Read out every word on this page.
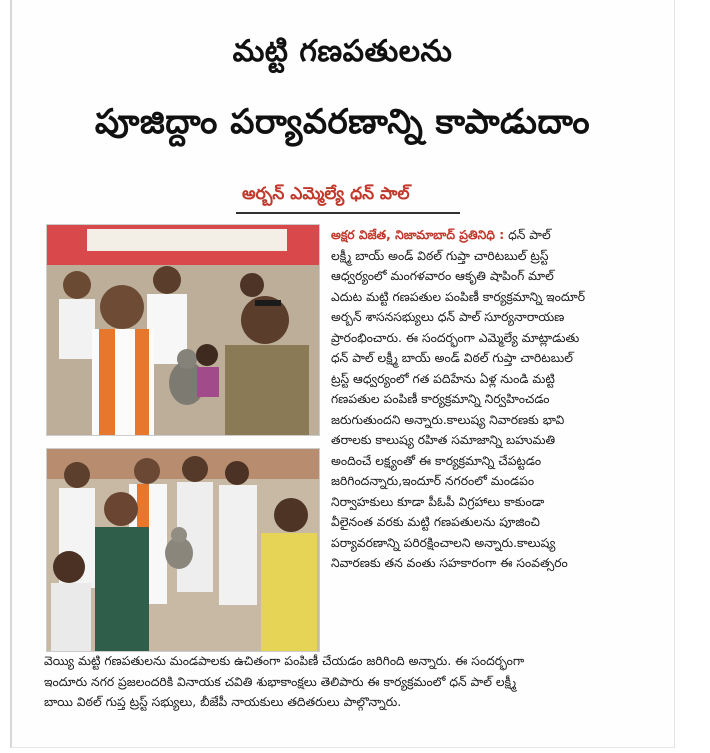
మట్టి గణపతులను
పూజిద్దాం పర్యావరణాన్ని కాపాడుదాం
అర్బన్ ఎమ్మెల్యే ధన్ పాల్
అక్షర విజేత, నిజామాబాద్ ప్రతినిధి : ధన్ పాల్
లక్ష్మీ బాయ్ అండ్ విఠల్ గుప్తా చారిటబుల్ ట్రస్ట్
ఆధ్వర్యంలో మంగళవారం ఆకృతి షాపింగ్ మాల్
ఎదుట మట్టి గణపతుల పంపిణీ కార్యక్రమాన్ని ఇందూర్
అర్బన్ శాసనసభ్యులు ధన్ పాల్ సూర్యనారాయణ
ప్రారంభించారు. ఈ సందర్భంగా ఎమ్మెల్యే మాట్లాడుతు
ధన్ పాల్ లక్ష్మీ బాయ్ అండ్ విఠల్ గుప్తా చారిటబుల్
ట్రస్ట్ ఆధ్వర్యంలో గత పదిహేను ఏళ్ల నుండి మట్టి
గణపతుల పంపిణీ కార్యక్రమాన్ని నిర్వహించడం
జరుగుతుందని అన్నారు.కాలుష్య నివారణకు భావి
తరాలకు కాలుష్య రహిత సమాజాన్ని బహుమతి
అందించే లక్ష్యంతో ఈ కార్యక్రమాన్ని చేపట్టడం
జరిగిందన్నారు,ఇందూర్ నగరంలో మండపం
నిర్వాహకులు కూడా పీఓపీ విగ్రహాలు కాకుండా
వీలైనంత వరకు మట్టి గణపతులను పూజించి
పర్యావరణాన్ని పరిరక్షించాలని అన్నారు.కాలుష్య
నివారణకు తన వంతు సహకారంగా ఈ సంవత్సరం
వెయ్యి మట్టి గణపతులను మండపాలకు ఉచితంగా పంపిణీ చేయడం జరిగింది అన్నారు. ఈ సందర్భంగా
ఇందూరు నగర ప్రజలందరికి వినాయక చవితి శుభాకాంక్షలు తెలిపారు ఈ కార్యక్రమంలో ధన్ పాల్ లక్ష్మీ
బాయి విఠల్ గుప్త ట్రస్ట్ సభ్యులు, బీజేపీ నాయకులు తదితరులు పాల్గొన్నారు.
